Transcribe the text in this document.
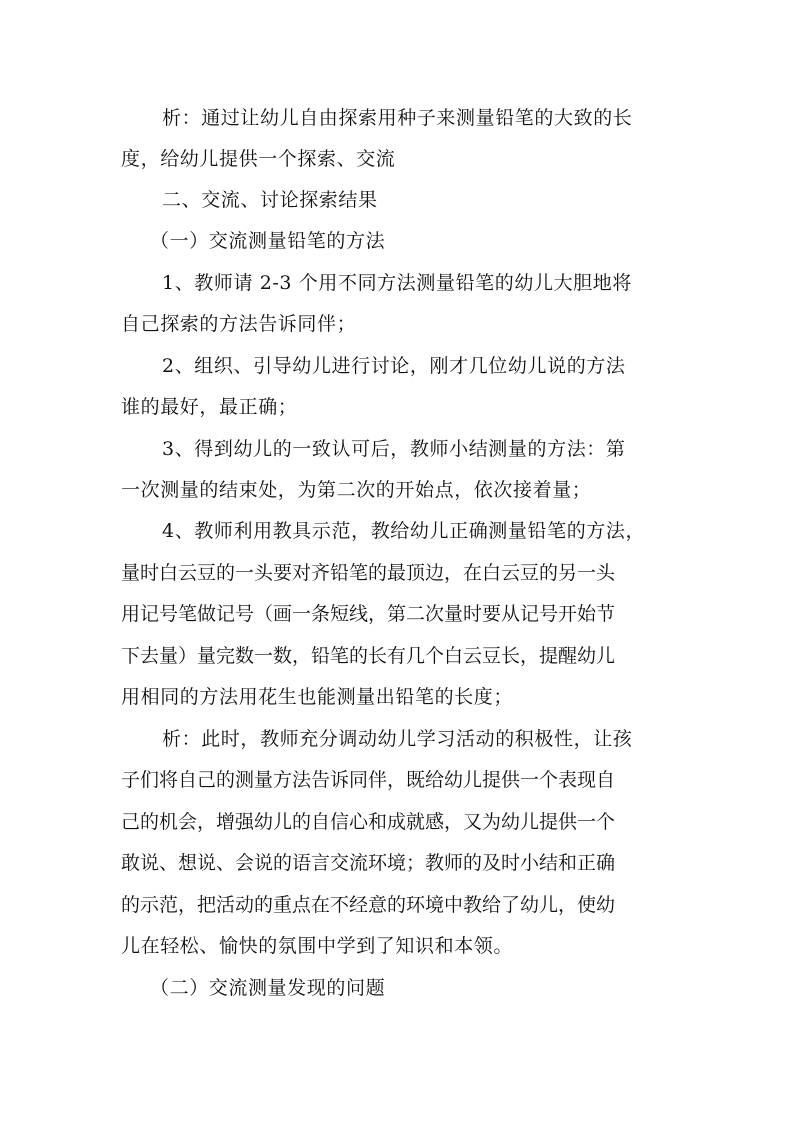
析：通过让幼儿自由探索用种子来测量铅笔的大致的长
度，给幼儿提供一个探索、交流
二、交流、讨论探索结果
（一）交流测量铅笔的方法
1、教师请 2-3 个用不同方法测量铅笔的幼儿大胆地将
自己探索的方法告诉同伴；
2、组织、引导幼儿进行讨论，刚才几位幼儿说的方法
谁的最好，最正确；
3、得到幼儿的一致认可后，教师小结测量的方法：第
一次测量的结束处，为第二次的开始点，依次接着量；
4、教师利用教具示范，教给幼儿正确测量铅笔的方法，
量时白云豆的一头要对齐铅笔的最顶边，在白云豆的另一头
用记号笔做记号（画一条短线，第二次量时要从记号开始节
下去量）量完数一数，铅笔的长有几个白云豆长，提醒幼儿
用相同的方法用花生也能测量出铅笔的长度；
析：此时，教师充分调动幼儿学习活动的积极性，让孩
子们将自己的测量方法告诉同伴，既给幼儿提供一个表现自
己的机会，增强幼儿的自信心和成就感，又为幼儿提供一个
敢说、想说、会说的语言交流环境；教师的及时小结和正确
的示范，把活动的重点在不经意的环境中教给了幼儿，使幼
儿在轻松、愉快的氛围中学到了知识和本领。
（二）交流测量发现的问题
